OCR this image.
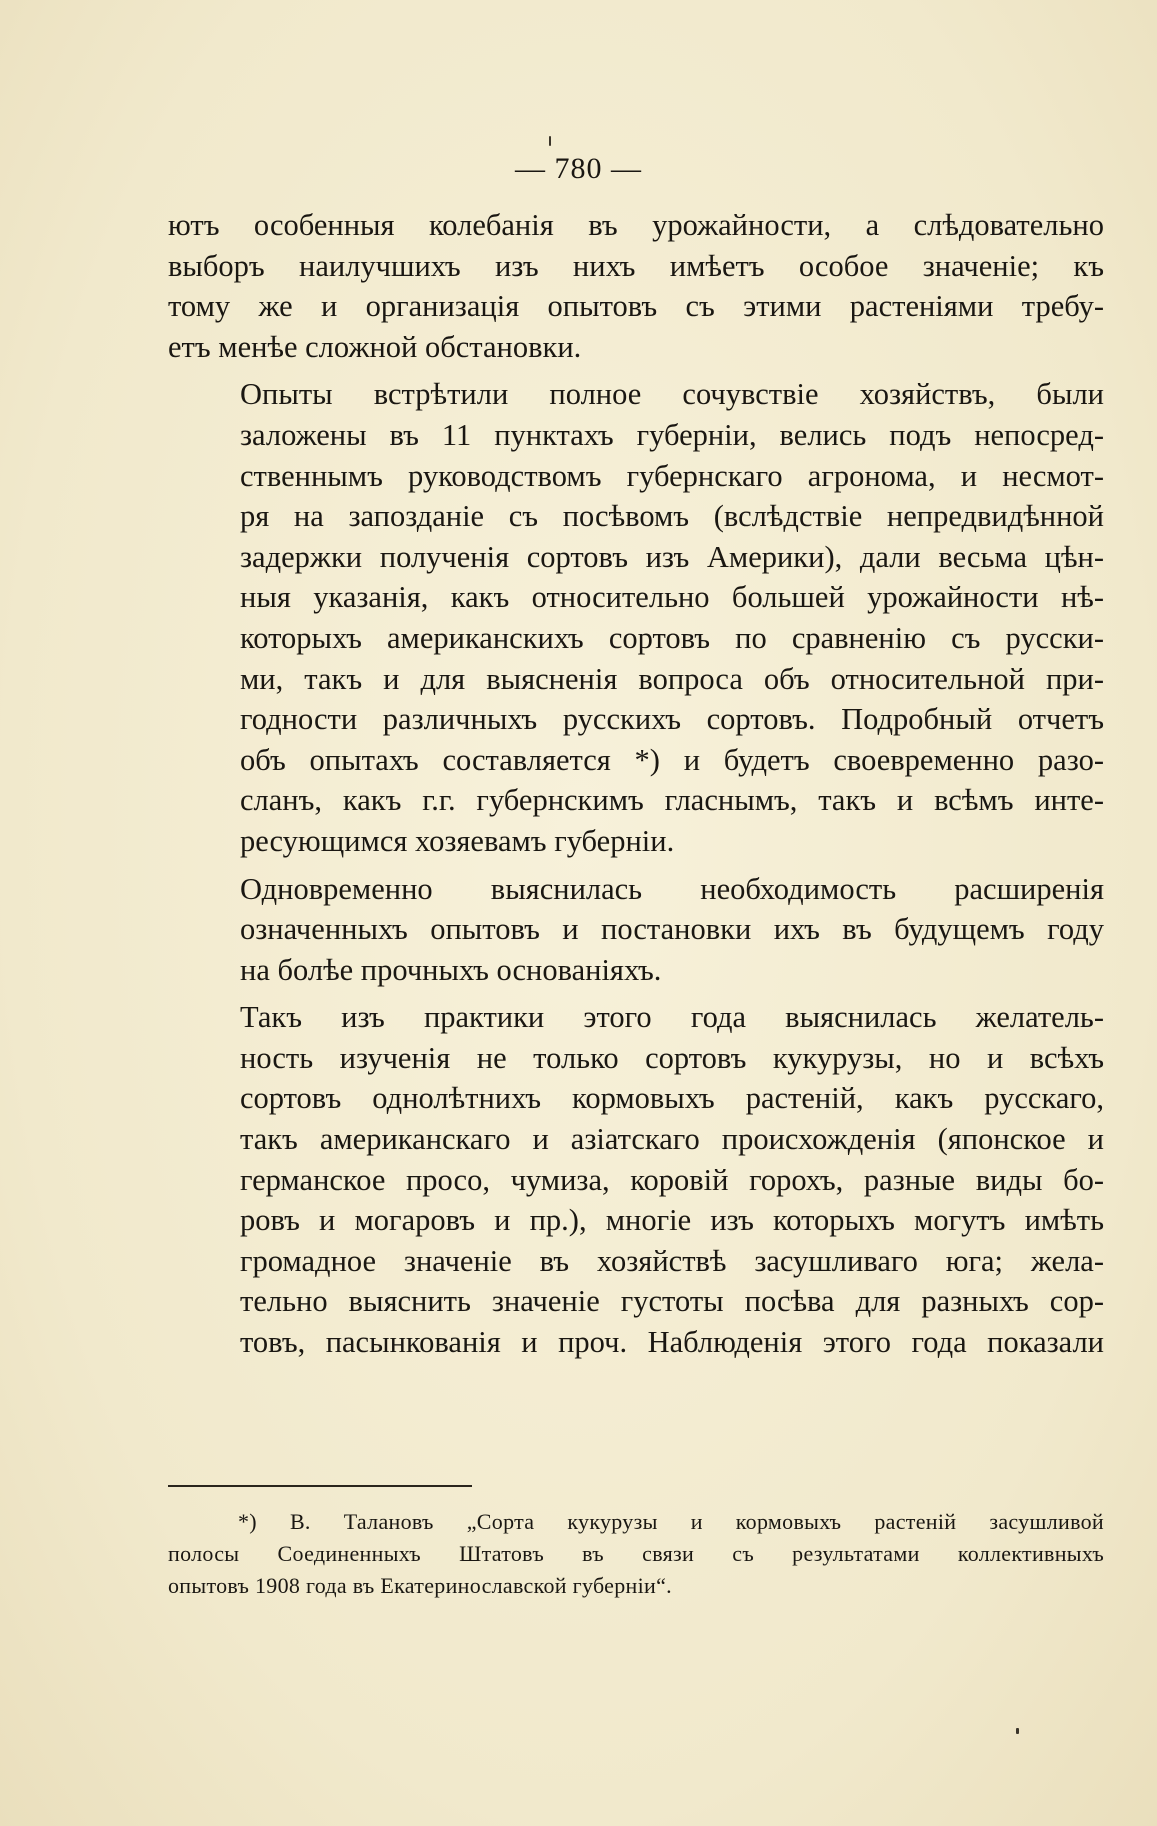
— 780 —

ютъ особенныя колебанія въ урожайности, а слѣдовательно
выборъ наилучшихъ изъ нихъ имѣетъ особое значеніе; къ
тому же и организація опытовъ съ этими растеніями требу-
етъ менѣе сложной обстановки.

Опыты встрѣтили полное сочувствіе хозяйствъ, были
заложены въ 11 пунктахъ губерніи, велись подъ непосред-
ственнымъ руководствомъ губернскаго агронома, и несмот-
ря на запозданіе съ посѣвомъ (вслѣдствіе непредвидѣнной
задержки полученія сортовъ изъ Америки), дали весьма цѣн-
ныя указанія, какъ относительно большей урожайности нѣ-
которыхъ американскихъ сортовъ по сравненію съ русски-
ми, такъ и для выясненія вопроса объ относительной при-
годности различныхъ русскихъ сортовъ. Подробный отчетъ
объ опытахъ составляется *) и будетъ своевременно разо-
сланъ, какъ г.г. губернскимъ гласнымъ, такъ и всѣмъ инте-
ресующимся хозяевамъ губерніи.

Одновременно выяснилась необходимость расширенія
означенныхъ опытовъ и постановки ихъ въ будущемъ году
на болѣе прочныхъ основаніяхъ.

Такъ изъ практики этого года выяснилась желатель-
ность изученія не только сортовъ кукурузы, но и всѣхъ
сортовъ однолѣтнихъ кормовыхъ растеній, какъ русскаго,
такъ американскаго и азіатскаго происхожденія (японское и
германское просо, чумиза, коровій горохъ, разные виды бо-
ровъ и могаровъ и пр.), многіе изъ которыхъ могутъ имѣть
громадное значеніе въ хозяйствѣ засушливаго юга; жела-
тельно выяснить значеніе густоты посѣва для разныхъ сор-
товъ, пасынкованія и проч. Наблюденія этого года показали

*) В. Талановъ „Сорта кукурузы и кормовыхъ растеній засушливой
полосы Соединенныхъ Штатовъ въ связи съ результатами коллективныхъ
опытовъ 1908 года въ Екатеринославской губерніи“.
